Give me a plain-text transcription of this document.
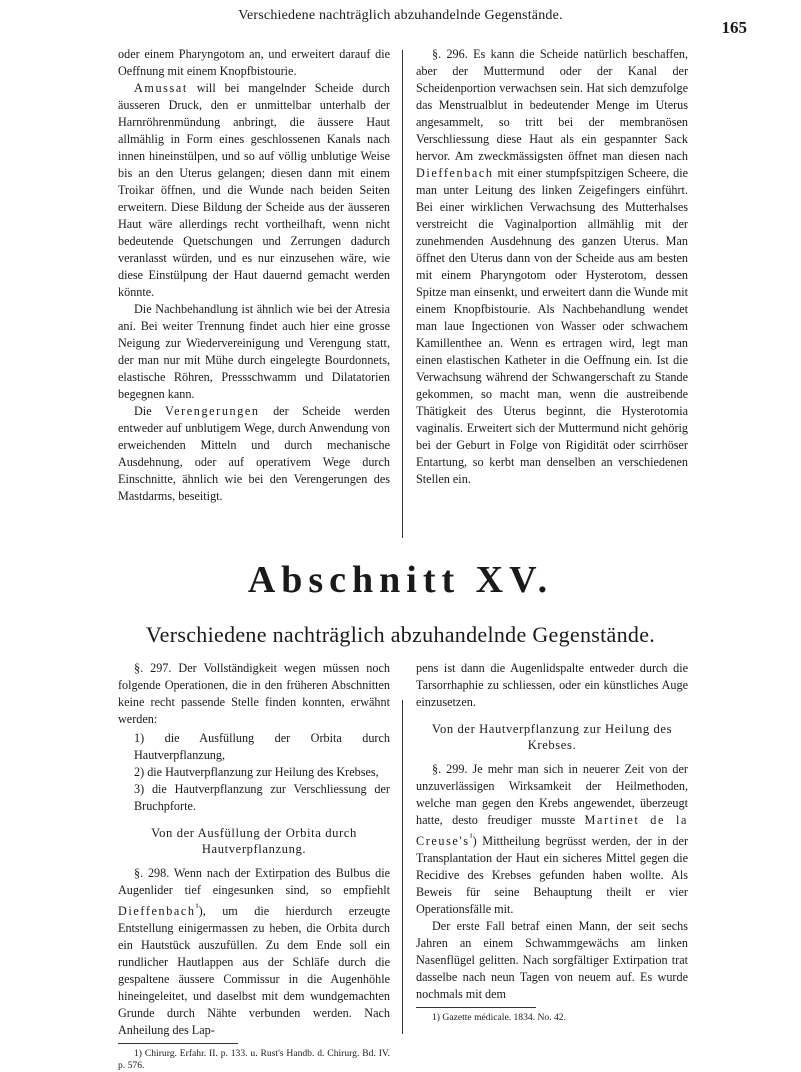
Verschiedene nachträglich abzuhandelnde Gegenstände.
165

oder einem Pharyngotom an, und erweitert darauf die Oeffnung mit einem Knopfbistourie.

Amussat will bei mangelnder Scheide durch äusseren Druck, den er unmittelbar unterhalb der Harnröhrenmündung anbringt, die äussere Haut allmählig in Form eines geschlossenen Kanals nach innen hineinstülpen, und so auf völlig unblutige Weise bis an den Uterus gelangen; diesen dann mit einem Troikar öffnen, und die Wunde nach beiden Seiten erweitern. Diese Bildung der Scheide aus der äusseren Haut wäre allerdings recht vortheilhaft, wenn nicht bedeutende Quetschungen und Zerrungen dadurch veranlasst würden, und es nur einzusehen wäre, wie diese Einstülpung der Haut dauernd gemacht werden könnte.

Die Nachbehandlung ist ähnlich wie bei der Atresia ani. Bei weiter Trennung findet auch hier eine grosse Neigung zur Wiedervereinigung und Verengung statt, der man nur mit Mühe durch eingelegte Bourdonnets, elastische Röhren, Pressschwamm und Dilatatorien begegnen kann.

Die Verengerungen der Scheide werden entweder auf unblutigem Wege, durch Anwendung von erweichenden Mitteln und durch mechanische Ausdehnung, oder auf operativem Wege durch Einschnitte, ähnlich wie bei den Verengerungen des Mastdarms, beseitigt.

§. 296. Es kann die Scheide natürlich beschaffen, aber der Muttermund oder der Kanal der Scheidenportion verwachsen sein. Hat sich demzufolge das Menstrualblut in bedeutender Menge im Uterus angesammelt, so tritt bei der membranösen Verschliessung diese Haut als ein gespannter Sack hervor. Am zweckmässigsten öffnet man diesen nach Dieffenbach mit einer stumpfspitzigen Scheere, die man unter Leitung des linken Zeigefingers einführt. Bei einer wirklichen Verwachsung des Mutterhalses verstreicht die Vaginalportion allmählig mit der zunehmenden Ausdehnung des ganzen Uterus. Man öffnet den Uterus dann von der Scheide aus am besten mit einem Pharyngotom oder Hysterotom, dessen Spitze man einsenkt, und erweitert dann die Wunde mit einem Knopfbistourie. Als Nachbehandlung wendet man laue Ingectionen von Wasser oder schwachem Kamillenthee an. Wenn es ertragen wird, legt man einen elastischen Katheter in die Oeffnung ein. Ist die Verwachsung während der Schwangerschaft zu Stande gekommen, so macht man, wenn die austreibende Thätigkeit des Uterus beginnt, die Hysterotomia vaginalis. Erweitert sich der Muttermund nicht gehörig bei der Geburt in Folge von Rigidität oder scirrhöser Entartung, so kerbt man denselben an verschiedenen Stellen ein.

Abschnitt XV.
Verschiedene nachträglich abzuhandelnde Gegenstände.

§. 297. Der Vollständigkeit wegen müssen noch folgende Operationen, die in den früheren Abschnitten keine recht passende Stelle finden konnten, erwähnt werden:

1) die Ausfüllung der Orbita durch Hautverpflanzung,
2) die Hautverpflanzung zur Heilung des Krebses,
3) die Hautverpflanzung zur Verschliessung der Bruchpforte.
Von der Ausfüllung der Orbita durch Hautverpflanzung.

§. 298. Wenn nach der Extirpation des Bulbus die Augenlider tief eingesunken sind, so empfiehlt Dieffenbach$^{^1}$), um die hierdurch erzeugte Entstellung einigermassen zu heben, die Orbita durch ein Hautstück auszufüllen. Zu dem Ende soll ein rundlicher Hautlappen aus der Schläfe durch die gespaltene äussere Commissur in die Augenhöhle hineingeleitet, und daselbst mit dem wundgemachten Grunde durch Nähte verbunden werden. Nach Anheilung des Lap-

1) Chirurg. Erfahr. II. p. 133. u. Rust's Handb. d. Chirurg. Bd. IV. p. 576.

pens ist dann die Augenlidspalte entweder durch die Tarsorrhaphie zu schliessen, oder ein künstliches Auge einzusetzen.

Von der Hautverpflanzung zur Heilung des Krebses.

§. 299. Je mehr man sich in neuerer Zeit von der unzuverlässigen Wirksamkeit der Heilmethoden, welche man gegen den Krebs angewendet, überzeugt hatte, desto freudiger musste Martinet de la $Creuse's^{^1}$) Mittheilung begrüsst werden, der in der Transplantation der Haut ein sicheres Mittel gegen die Recidive des Krebses gefunden haben wollte. Als Beweis für seine Behauptung theilt er vier Operationsfälle mit.

Der erste Fall betraf einen Mann, der seit sechs Jahren an einem Schwammgewächs am linken Nasenflügel gelitten. Nach sorgfältiger Extirpation trat dasselbe nach neun Tagen von neuem auf. Es wurde nochmals mit dem

1) Gazette médicale. 1834. No. 42.
